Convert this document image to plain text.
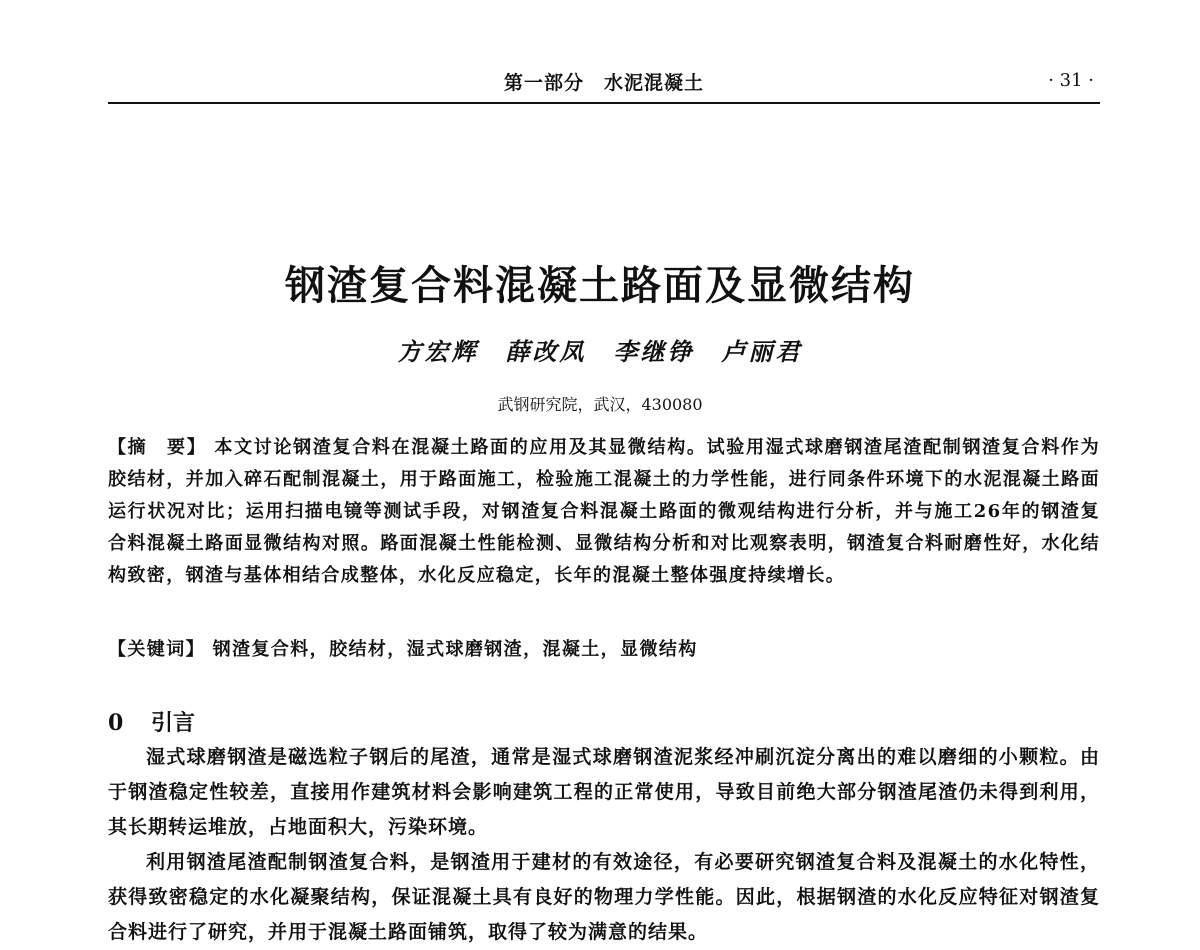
第一部分　水泥混凝土	· 31 ·
钢渣复合料混凝土路面及显微结构
方宏辉　薛改凤　李继铮　卢丽君
武钢研究院，武汉，430080
【摘　要】 本文讨论钢渣复合料在混凝土路面的应用及其显微结构。试验用湿式球磨钢渣尾渣配制钢渣复合料作为胶结材，并加入碎石配制混凝土，用于路面施工，检验施工混凝土的力学性能，进行同条件环境下的水泥混凝土路面运行状况对比；运用扫描电镜等测试手段，对钢渣复合料混凝土路面的微观结构进行分析，并与施工26年的钢渣复合料混凝土路面显微结构对照。路面混凝土性能检测、显微结构分析和对比观察表明，钢渣复合料耐磨性好，水化结构致密，钢渣与基体相结合成整体，水化反应稳定，长年的混凝土整体强度持续增长。
【关键词】 钢渣复合料，胶结材，湿式球磨钢渣，混凝土，显微结构
0 引言
湿式球磨钢渣是磁选粒子钢后的尾渣，通常是湿式球磨钢渣泥浆经冲刷沉淀分离出的难以磨细的小颗粒。由于钢渣稳定性较差，直接用作建筑材料会影响建筑工程的正常使用，导致目前绝大部分钢渣尾渣仍未得到利用，其长期转运堆放，占地面积大，污染环境。
利用钢渣尾渣配制钢渣复合料，是钢渣用于建材的有效途径，有必要研究钢渣复合料及混凝土的水化特性，获得致密稳定的水化凝聚结构，保证混凝土具有良好的物理力学性能。因此，根据钢渣的水化反应特征对钢渣复合料进行了研究，并用于混凝土路面铺筑，取得了较为满意的结果。
